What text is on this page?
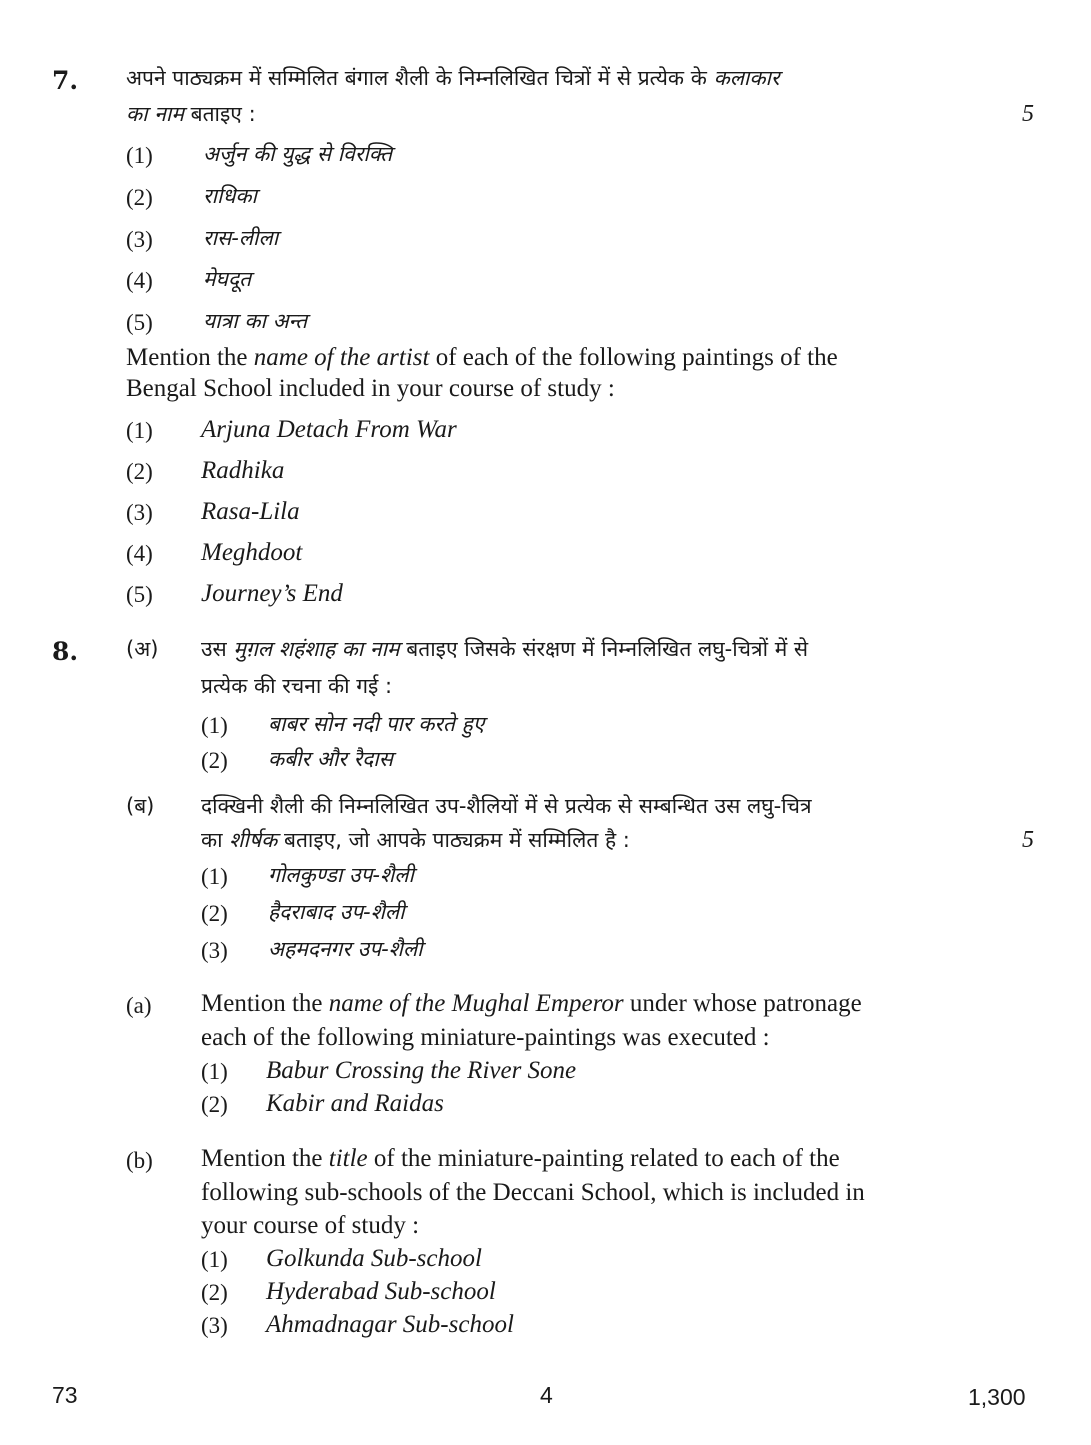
7. अपने पाठ्यक्रम में सम्मिलित बंगाल शैली के निम्नलिखित चित्रों में से प्रत्येक के कलाकार
का नाम बताइए :	5
(1) अर्जुन की युद्ध से विरक्ति
(2) राधिका
(3) रास-लीला
(4) मेघदूत
(5) यात्रा का अन्त
Mention the name of the artist of each of the following paintings of the
Bengal School included in your course of study :
(1) Arjuna Detach From War
(2) Radhika
(3) Rasa-Lila
(4) Meghdoot
(5) Journey’s End
8. (अ) उस मुग़ल शहंशाह का नाम बताइए जिसके संरक्षण में निम्नलिखित लघु-चित्रों में से
प्रत्येक की रचना की गई :
(1) बाबर सोन नदी पार करते हुए
(2) कबीर और रैदास
(ब) दक्खिनी शैली की निम्नलिखित उप-शैलियों में से प्रत्येक से सम्बन्धित उस लघु-चित्र
का शीर्षक बताइए, जो आपके पाठ्यक्रम में सम्मिलित है :	5
(1) गोलकुण्डा उप-शैली
(2) हैदराबाद उप-शैली
(3) अहमदनगर उप-शैली
(a) Mention the name of the Mughal Emperor under whose patronage
each of the following miniature-paintings was executed :
(1) Babur Crossing the River Sone
(2) Kabir and Raidas
(b) Mention the title of the miniature-painting related to each of the
following sub-schools of the Deccani School, which is included in
your course of study :
(1) Golkunda Sub-school
(2) Hyderabad Sub-school
(3) Ahmadnagar Sub-school
73	4	1,300
